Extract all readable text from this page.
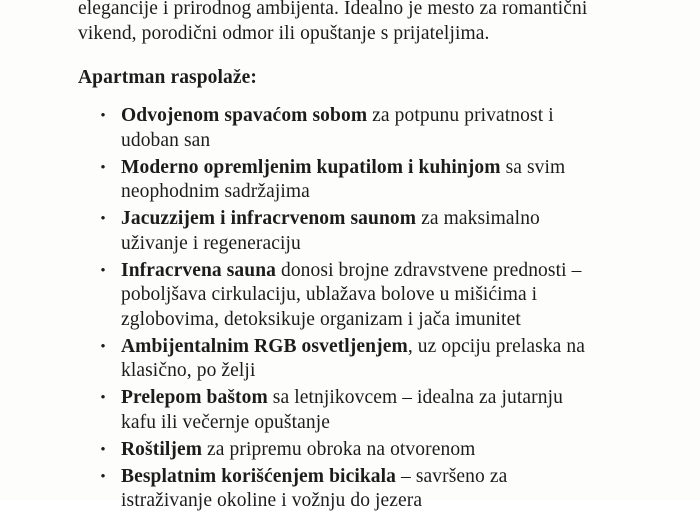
elegancije i prirodnog ambijenta. Idealno je mesto za romantični
vikend, porodični odmor ili opuštanje s prijateljima.

Apartman raspolaže:

• Odvojenom spavaćom sobom za potpunu privatnost i
udoban san
• Moderno opremljenim kupatilom i kuhinjom sa svim
neophodnim sadržajima
• Jacuzzijem i infracrvenom saunom za maksimalno
uživanje i regeneraciju
• Infracrvena sauna donosi brojne zdravstvene prednosti –
poboljšava cirkulaciju, ublažava bolove u mišićima i
zglobovima, detoksikuje organizam i jača imunitet
• Ambijentalnim RGB osvetljenjem, uz opciju prelaska na
klasično, po želji
• Prelepom baštom sa letnjikovcem – idealna za jutarnju
kafu ili večernje opuštanje
• Roštiljem za pripremu obroka na otvorenom
• Besplatnim korišćenjem bicikala – savršeno za
istraživanje okoline i vožnju do jezera
